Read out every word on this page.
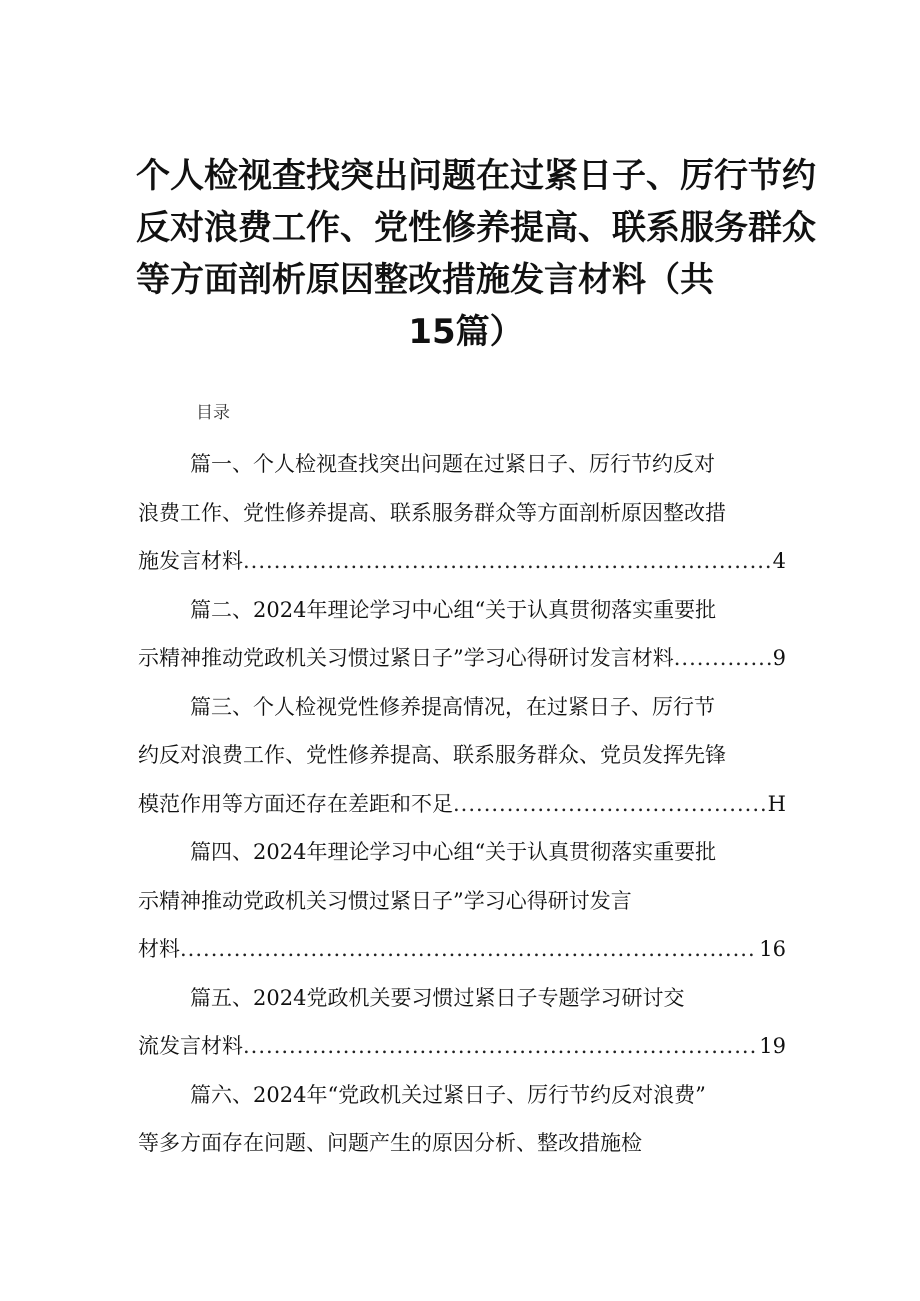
个人检视查找突出问题在过紧日子、厉行节约
反对浪费工作、党性修养提高、联系服务群众
等方面剖析原因整改措施发言材料（共
15篇）
目录
篇一、个人检视查找突出问题在过紧日子、厉行节约反对
浪费工作、党性修养提高、联系服务群众等方面剖析原因整改措
施发言材料 .....	4
篇二、2024年理论学习中心组“关于认真贯彻落实重要批
示精神推动党政机关习惯过紧日子”学习心得研讨发言材料 .....	9
篇三、个人检视党性修养提高情况，在过紧日子、厉行节
约反对浪费工作、党性修养提高、联系服务群众、党员发挥先锋
模范作用等方面还存在差距和不足 .....	H
篇四、2024年理论学习中心组“关于认真贯彻落实重要批
示精神推动党政机关习惯过紧日子”学习心得研讨发言
材料 .....	16
篇五、2024党政机关要习惯过紧日子专题学习研讨交
流发言材料 .....	19
篇六、2024年“党政机关过紧日子、厉行节约反对浪费”
等多方面存在问题、问题产生的原因分析、整改措施检
